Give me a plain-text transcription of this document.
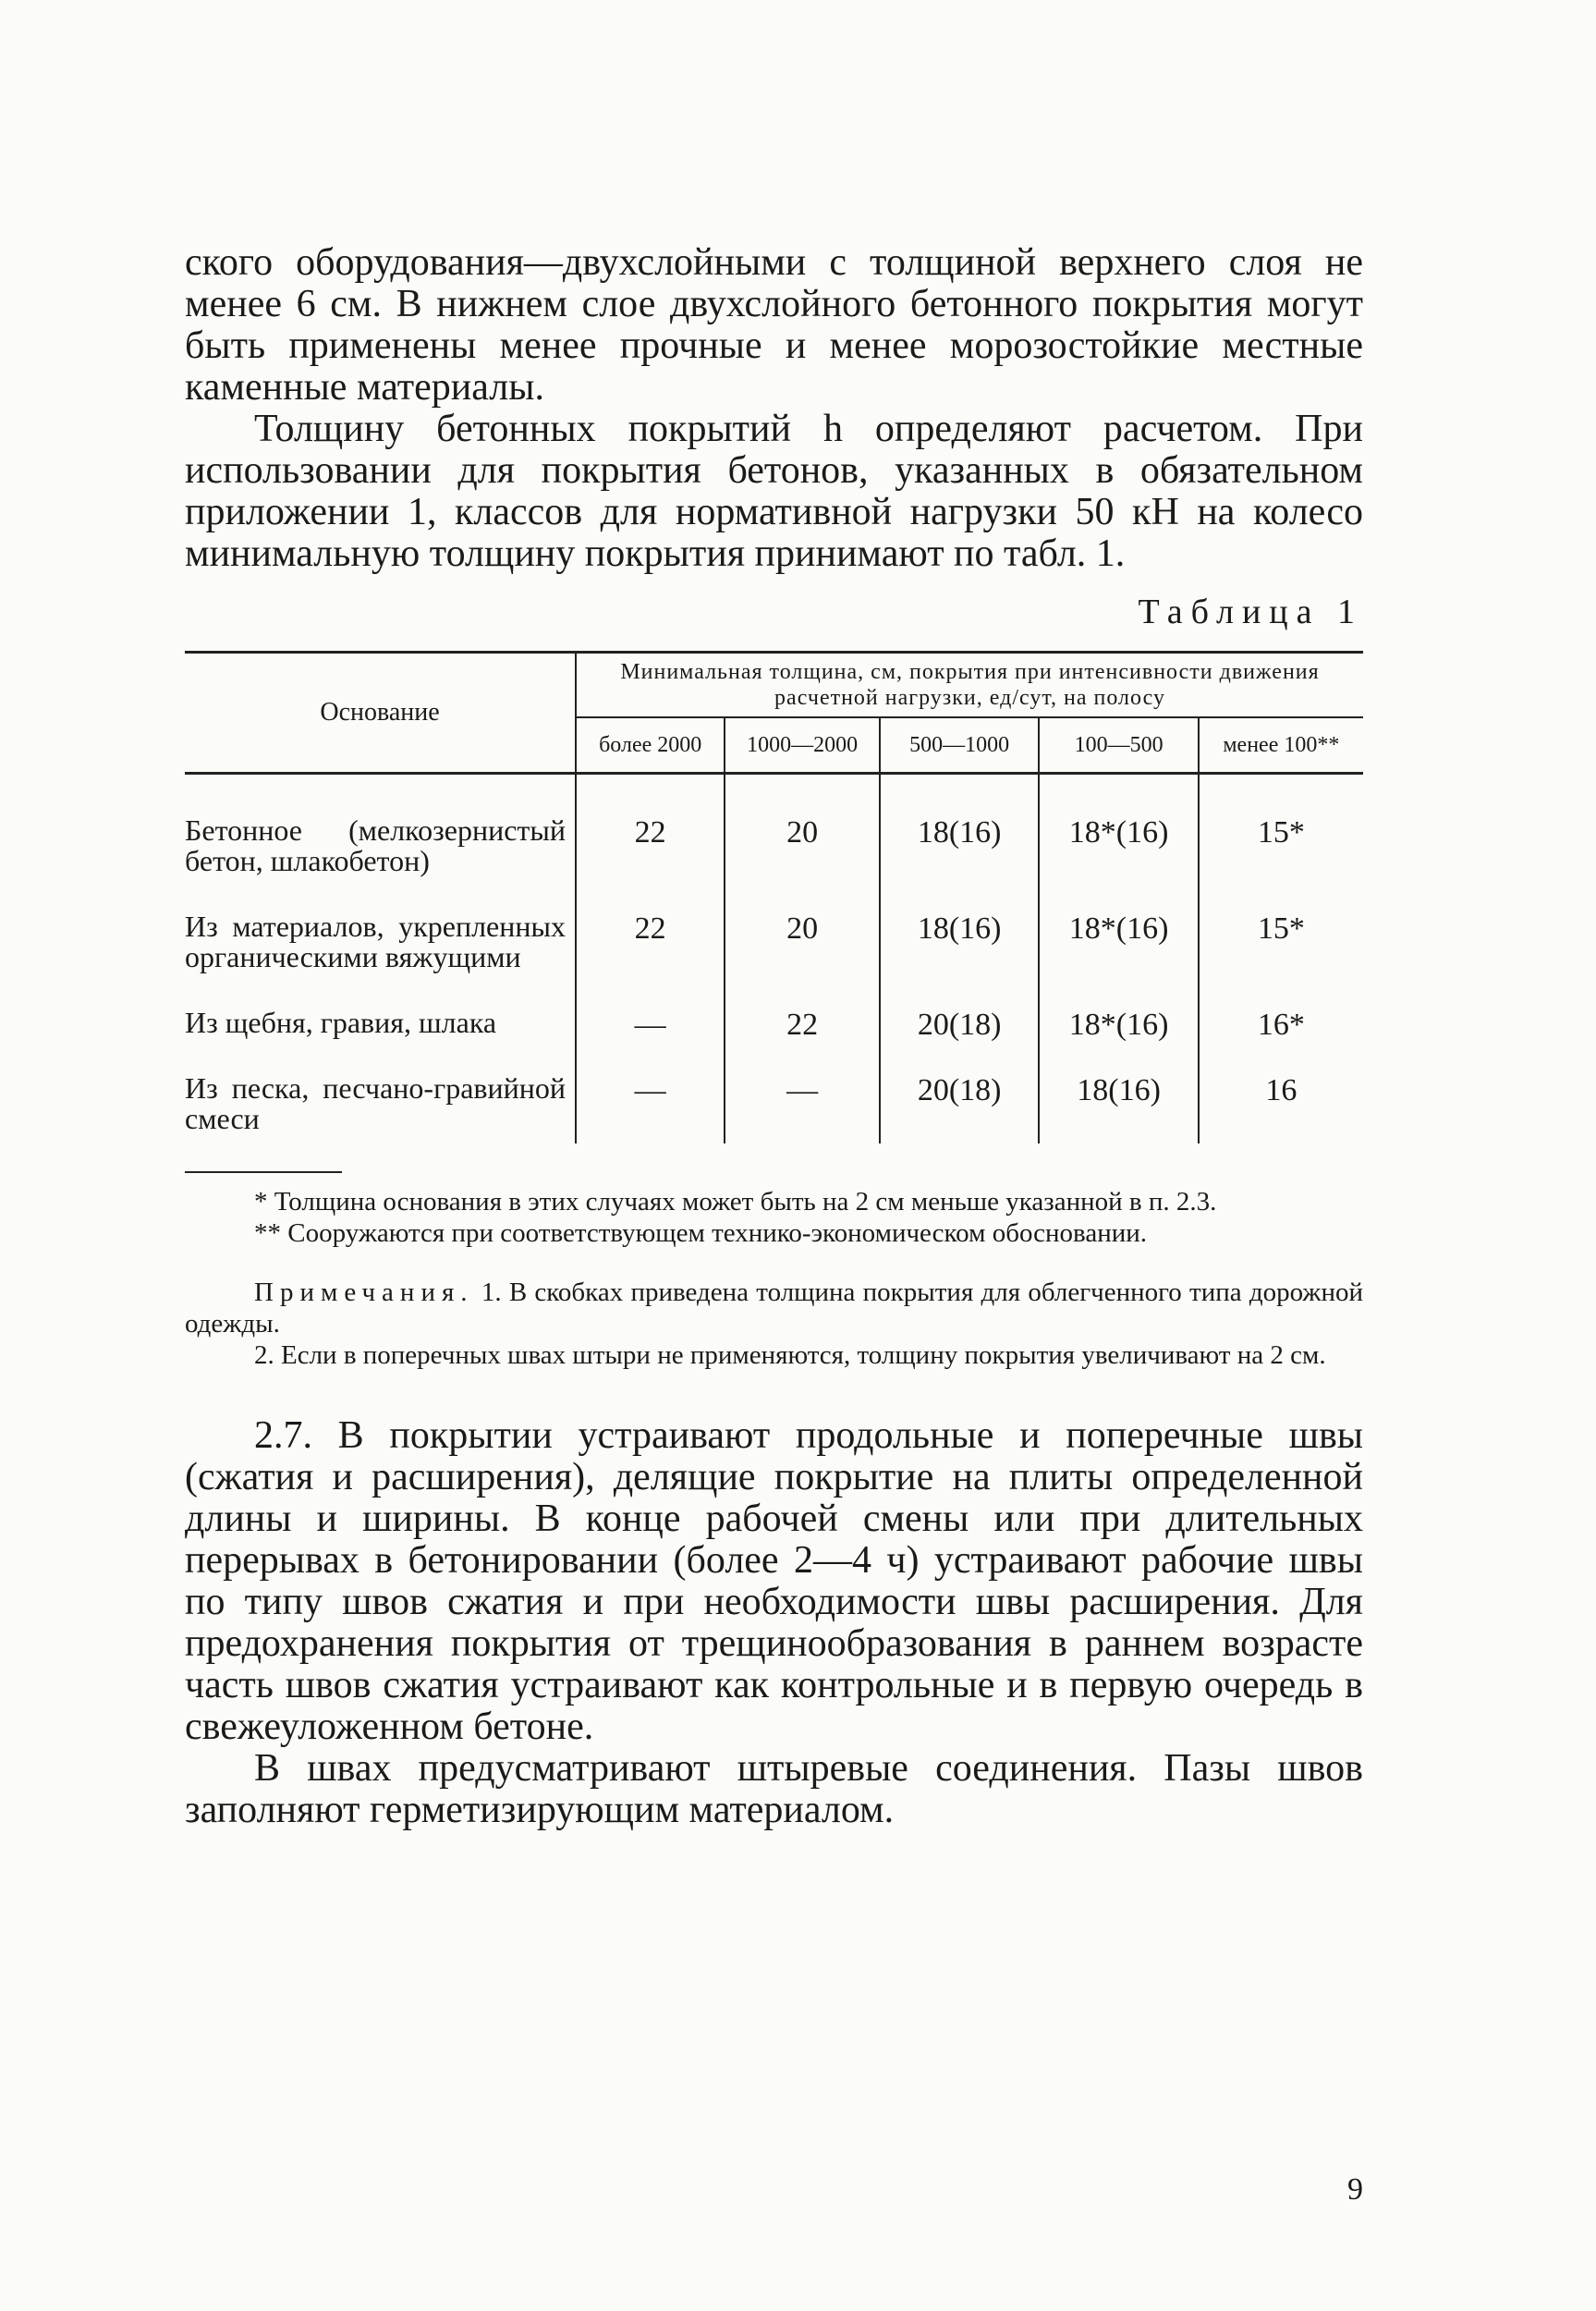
ского оборудования—двухслойными с толщиной верхнего слоя не менее 6 см. В нижнем слое двухслойного бетонного покрытия могут быть применены менее прочные и менее морозостойкие местные каменные материалы.

Толщину бетонных покрытий h определяют расчетом. При использовании для покрытия бетонов, указанных в обязательном приложении 1, классов для нормативной нагрузки 50 кН на колесо минимальную толщину покрытия принимают по табл. 1.

Таблица 1
Основание	Минимальная толщина, см, покрытия при интенсивности движения расчетной нагрузки, ед/сут, на полосу				
	более 2000	1000—2000	500—1000	100—500	менее 100**
Бетонное (мелкозернистый бетон, шлакобетон)	22	20	18(16)	18*(16)	15*
Из материалов, укрепленных органическими вяжущими	22	20	18(16)	18*(16)	15*
Из щебня, гравия, шлака	—	22	20(18)	18*(16)	16*
Из песка, песчано-гравийной смеси	—	—	20(18)	18(16)	16

* Толщина основания в этих случаях может быть на 2 см меньше указанной в п. 2.3.

** Сооружаются при соответствующем технико-экономическом обосновании.

Примечания. 1. В скобках приведена толщина покрытия для облегченного типа дорожной одежды.

2. Если в поперечных швах штыри не применяются, толщину покрытия увеличивают на 2 см.

2.7. В покрытии устраивают продольные и поперечные швы (сжатия и расширения), делящие покрытие на плиты определенной длины и ширины. В конце рабочей смены или при длительных перерывах в бетонировании (более 2—4 ч) устраивают рабочие швы по типу швов сжатия и при необходимости швы расширения. Для предохранения покрытия от трещинообразования в раннем возрасте часть швов сжатия устраивают как контрольные и в первую очередь в свежеуложенном бетоне.

В швах предусматривают штыревые соединения. Пазы швов заполняют герметизирующим материалом.

9
